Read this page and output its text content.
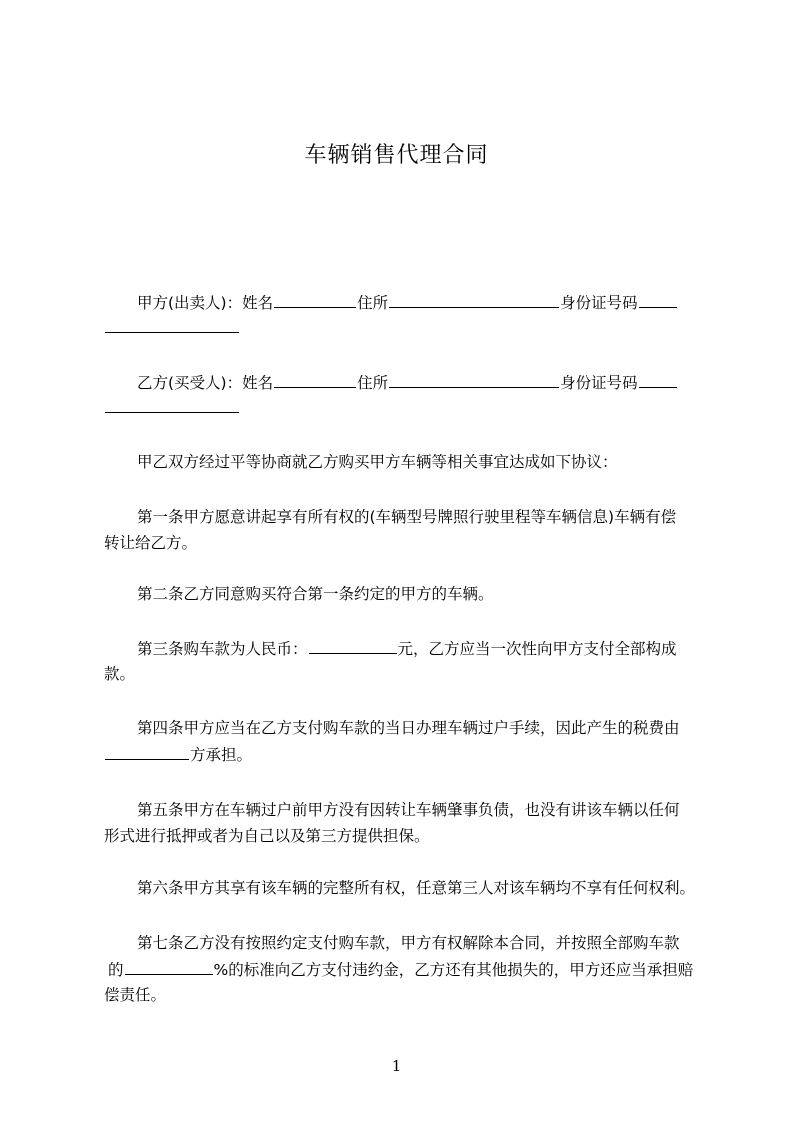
车辆销售代理合同
甲方(出卖人)：姓名	住所	身份证号码
乙方(买受人)：姓名	住所	身份证号码
甲乙双方经过平等协商就乙方购买甲方车辆等相关事宜达成如下协议：
第一条甲方愿意讲起享有所有权的(车辆型号牌照行驶里程等车辆信息)车辆有偿
转让给乙方。
第二条乙方同意购买符合第一条约定的甲方的车辆。
第三条购车款为人民币：	元，乙方应当一次性向甲方支付全部构成
款。
第四条甲方应当在乙方支付购车款的当日办理车辆过户手续，因此产生的税费由
方承担。
第五条甲方在车辆过户前甲方没有因转让车辆肇事负债，也没有讲该车辆以任何
形式进行抵押或者为自己以及第三方提供担保。
第六条甲方其享有该车辆的完整所有权，任意第三人对该车辆均不享有任何权利。
第七条乙方没有按照约定支付购车款，甲方有权解除本合同，并按照全部购车款
的	%的标准向乙方支付违约金，乙方还有其他损失的，甲方还应当承担赔
偿责任。
1
